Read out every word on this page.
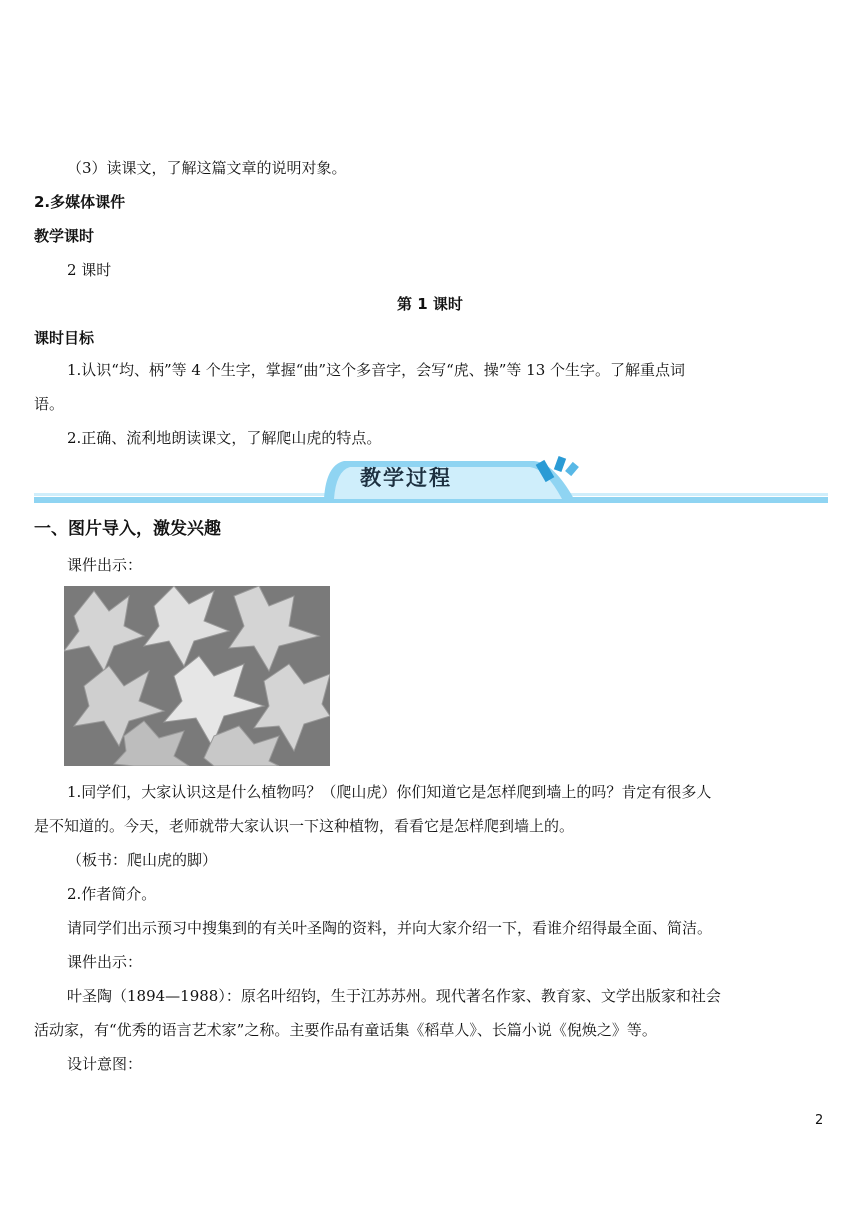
（3）读课文，了解这篇文章的说明对象。
2.多媒体课件
教学课时
2 课时
第 1 课时
课时目标
1.认识“均、柄”等 4 个生字，掌握“曲”这个多音字，会写“虎、操”等 13 个生字。了解重点词
语。
2.正确、流利地朗读课文，了解爬山虎的特点。
教学过程
一、图片导入，激发兴趣
课件出示：
1.同学们，大家认识这是什么植物吗？（爬山虎）你们知道它是怎样爬到墙上的吗？肯定有很多人
是不知道的。今天，老师就带大家认识一下这种植物，看看它是怎样爬到墙上的。
（板书：爬山虎的脚）
2.作者简介。
请同学们出示预习中搜集到的有关叶圣陶的资料，并向大家介绍一下，看谁介绍得最全面、简洁。
课件出示：
叶圣陶（1894—1988）：原名叶绍钧，生于江苏苏州。现代著名作家、教育家、文学出版家和社会
活动家，有“优秀的语言艺术家”之称。主要作品有童话集《稻草人》、长篇小说《倪焕之》等。
设计意图：
2
